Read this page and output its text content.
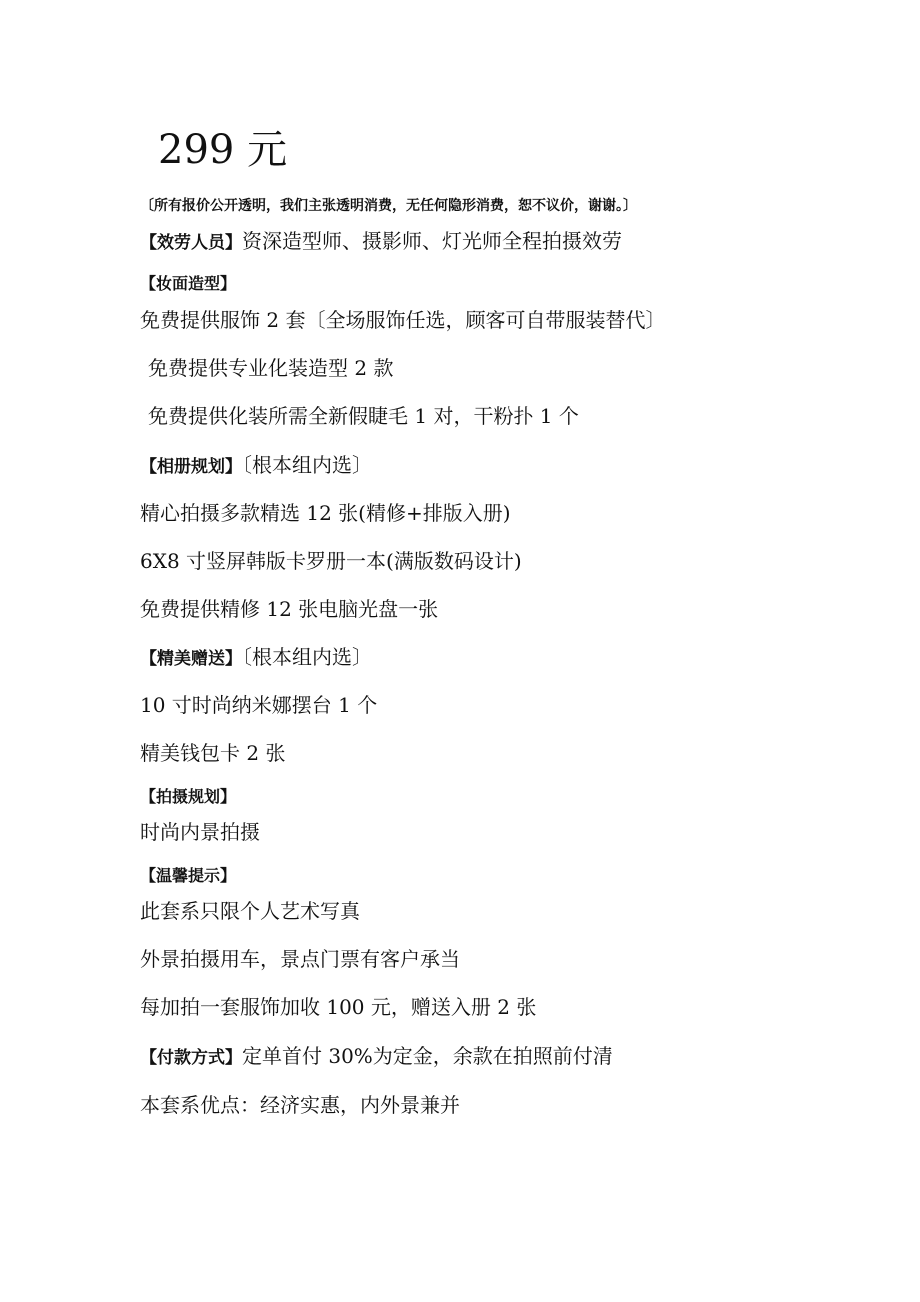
299 元
〔所有报价公开透明，我们主张透明消费，无任何隐形消费，恕不议价，谢谢。〕
【效劳人员】资深造型师、摄影师、灯光师全程拍摄效劳
【妆面造型】
免费提供服饰 2 套〔全场服饰任选，顾客可自带服装替代〕
免费提供专业化装造型 2 款
免费提供化装所需全新假睫毛 1 对，干粉扑 1 个
【相册规划】〔根本组内选〕
精心拍摄多款精选 12 张(精修+排版入册)
6X8 寸竖屏韩版卡罗册一本(满版数码设计)
免费提供精修 12 张电脑光盘一张
【精美赠送】〔根本组内选〕
10 寸时尚纳米娜摆台 1 个
精美钱包卡 2 张
【拍摄规划】
时尚内景拍摄
【温馨提示】
此套系只限个人艺术写真
外景拍摄用车，景点门票有客户承当
每加拍一套服饰加收 100 元，赠送入册 2 张
【付款方式】定单首付 30%为定金，余款在拍照前付清
本套系优点：经济实惠，内外景兼并
